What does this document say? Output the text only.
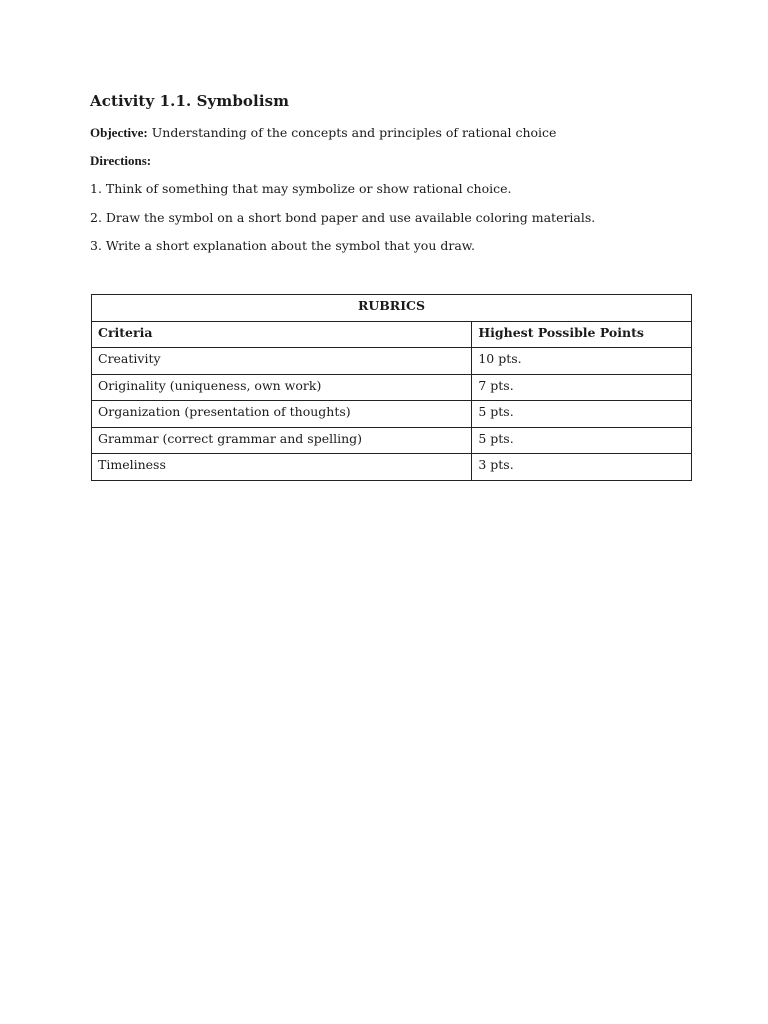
Activity 1.1. Symbolism
Objective: Understanding of the concepts and principles of rational choice
Directions:
1. Think of something that may symbolize or show rational choice.
2. Draw the symbol on a short bond paper and use available coloring materials.
3. Write a short explanation about the symbol that you draw.
RUBRICS	
Criteria	Highest Possible Points
Creativity	10 pts.
Originality (uniqueness, own work)	7 pts.
Organization (presentation of thoughts)	5 pts.
Grammar (correct grammar and spelling)	5 pts.
Timeliness	3 pts.
